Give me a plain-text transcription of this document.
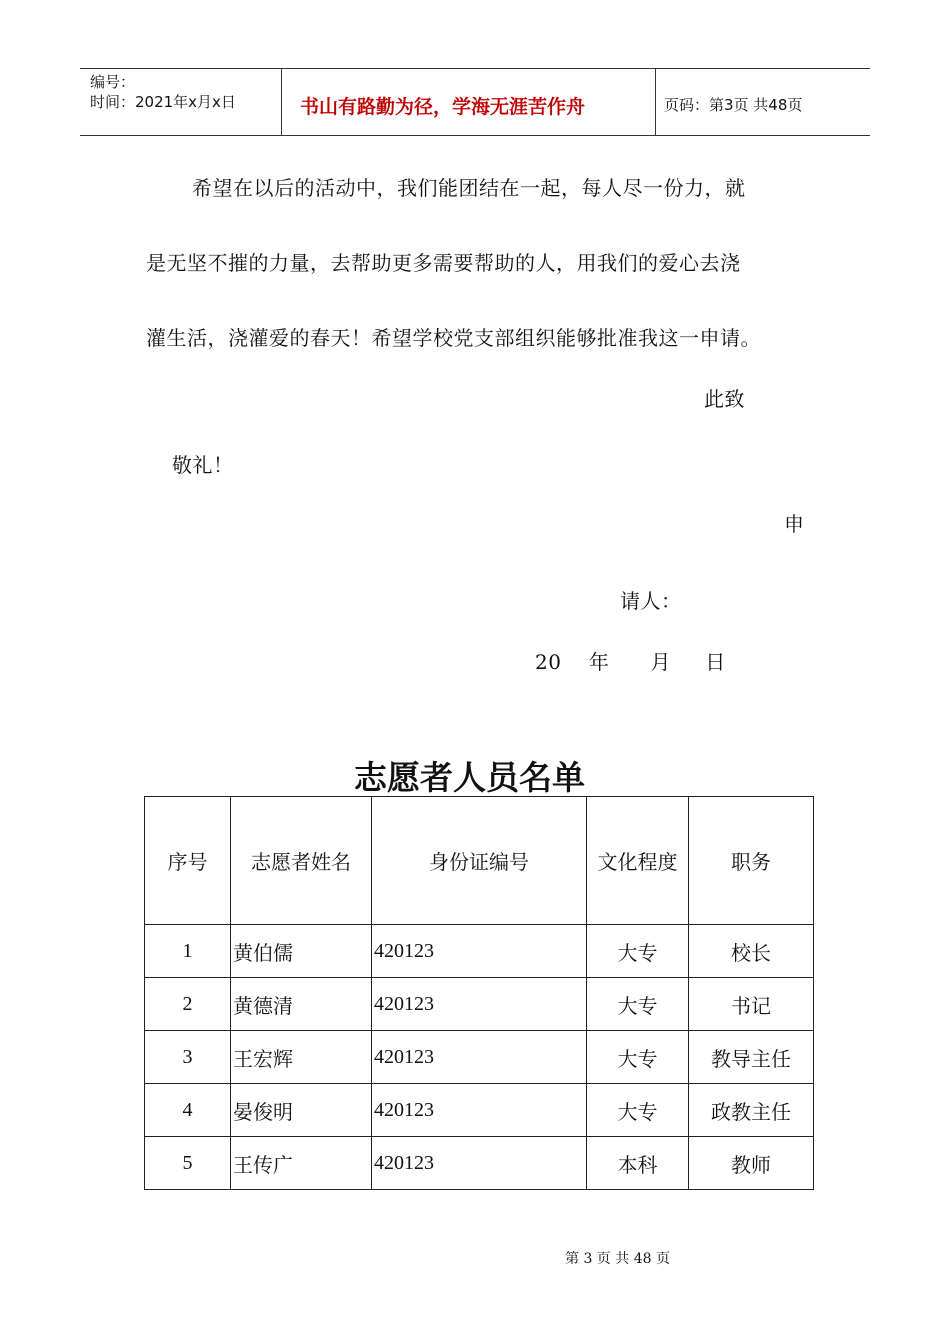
编号：
时间：2021年x月x日	书山有路勤为径，学海无涯苦作舟	页码：第3页 共48页
希望在以后的活动中，我们能团结在一起，每人尽一份力，就
是无坚不摧的力量，去帮助更多需要帮助的人，用我们的爱心去浇
灌生活，浇灌爱的春天！希望学校党支部组织能够批准我这一申请。
此致
敬礼！
申
请人：
20    年      月     日
志愿者人员名单
序号	志愿者姓名	身份证编号	文化程度	职务
1	黄伯儒	420123	大专	校长
2	黄德清	420123	大专	书记
3	王宏辉	420123	大专	教导主任
4	晏俊明	420123	大专	政教主任
5	王传广	420123	本科	教师
第 3 页 共 48 页
